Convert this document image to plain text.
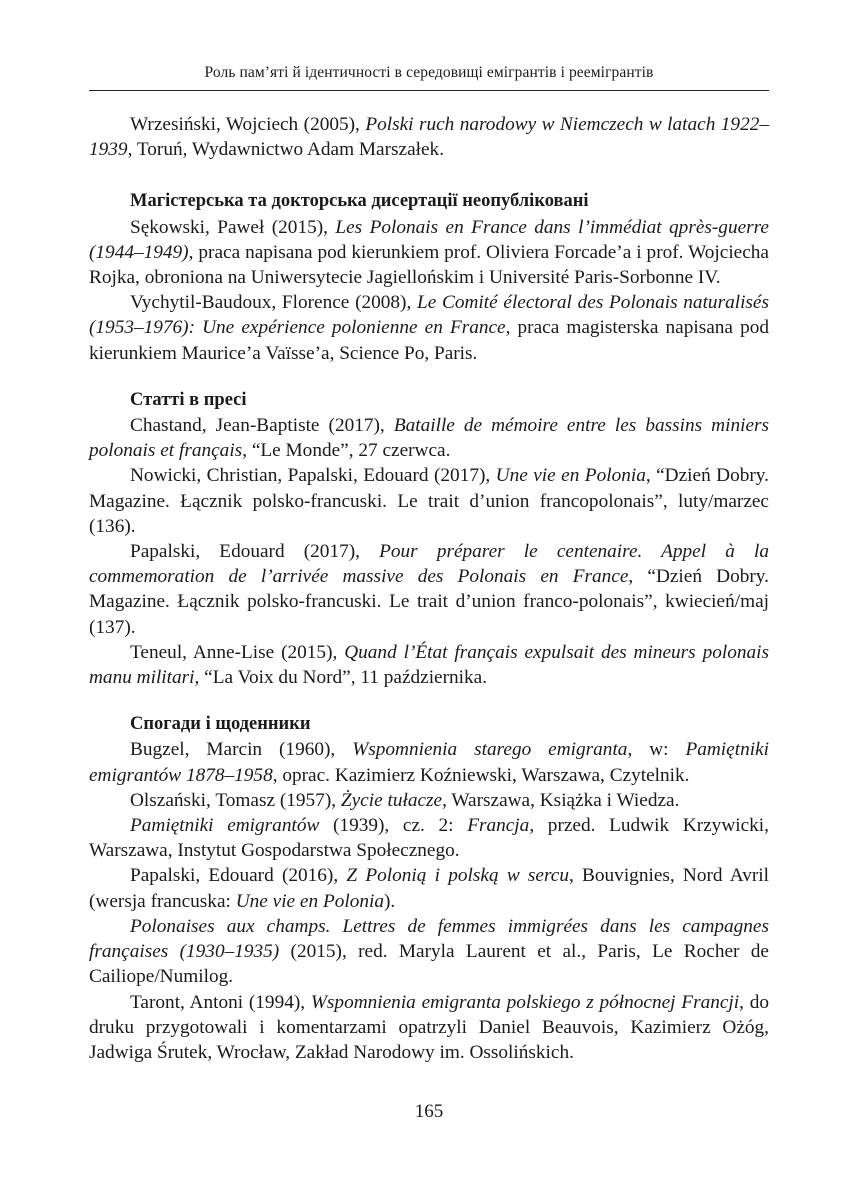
Роль пам’яті й ідентичності в середовищі емігрантів і реемігрантів

Wrzesiński, Wojciech (2005), Polski ruch narodowy w Niemczech w latach 1922–1939, Toruń, Wydawnictwo Adam Marszałek.

Магістерська та докторська дисертації неопубліковані

Sękowski, Paweł (2015), Les Polonais en France dans l’immédiat qprès-guerre (1944–1949), praca napisana pod kierunkiem prof. Oliviera Forcade’a i prof. Wojciecha Rojka, obroniona na Uniwersytecie Jagiellońskim i Université Paris-Sorbonne IV.

Vychytil-Baudoux, Florence (2008), Le Comité électoral des Polonais naturalisés (1953–1976): Une expérience polonienne en France, praca magisterska napisana pod kierunkiem Maurice’a Vaïsse’a, Science Po, Paris.

Статті в пресі

Chastand, Jean-Baptiste (2017), Bataille de mémoire entre les bassins miniers polonais et français, “Le Monde”, 27 czerwca.

Nowicki, Christian, Papalski, Edouard (2017), Une vie en Polonia, “Dzień Dobry. Magazine. Łącznik polsko-francuski. Le trait d’union francopolonais”, luty/marzec (136).

Papalski, Edouard (2017), Pour préparer le centenaire. Appel à la commemoration de l’arrivée massive des Polonais en France, “Dzień Dobry. Magazine. Łącznik polsko-francuski. Le trait d’union franco-polonais”, kwiecień/maj (137).

Teneul, Anne-Lise (2015), Quand l’État français expulsait des mineurs polonais manu militari, “La Voix du Nord”, 11 października.

Спогади і щоденники

Bugzel, Marcin (1960), Wspomnienia starego emigranta, w: Pamiętniki emigrantów 1878–1958, oprac. Kazimierz Koźniewski, Warszawa, Czytelnik.

Olszański, Tomasz (1957), Życie tułacze, Warszawa, Książka i Wiedza.

Pamiętniki emigrantów (1939), cz. 2: Francja, przed. Ludwik Krzywicki, Warszawa, Instytut Gospodarstwa Społecznego.

Papalski, Edouard (2016), Z Polonią i polską w sercu, Bouvignies, Nord Avril (wersja francuska: Une vie en Polonia).

Polonaises aux champs. Lettres de femmes immigrées dans les campagnes françaises (1930–1935) (2015), red. Maryla Laurent et al., Paris, Le Rocher de Cailiope/Numilog.

Taront, Antoni (1994), Wspomnienia emigranta polskiego z północnej Francji, do druku przygotowali i komentarzami opatrzyli Daniel Beauvois, Kazimierz Ożóg, Jadwiga Śrutek, Wrocław, Zakład Narodowy im. Ossolińskich.

165
